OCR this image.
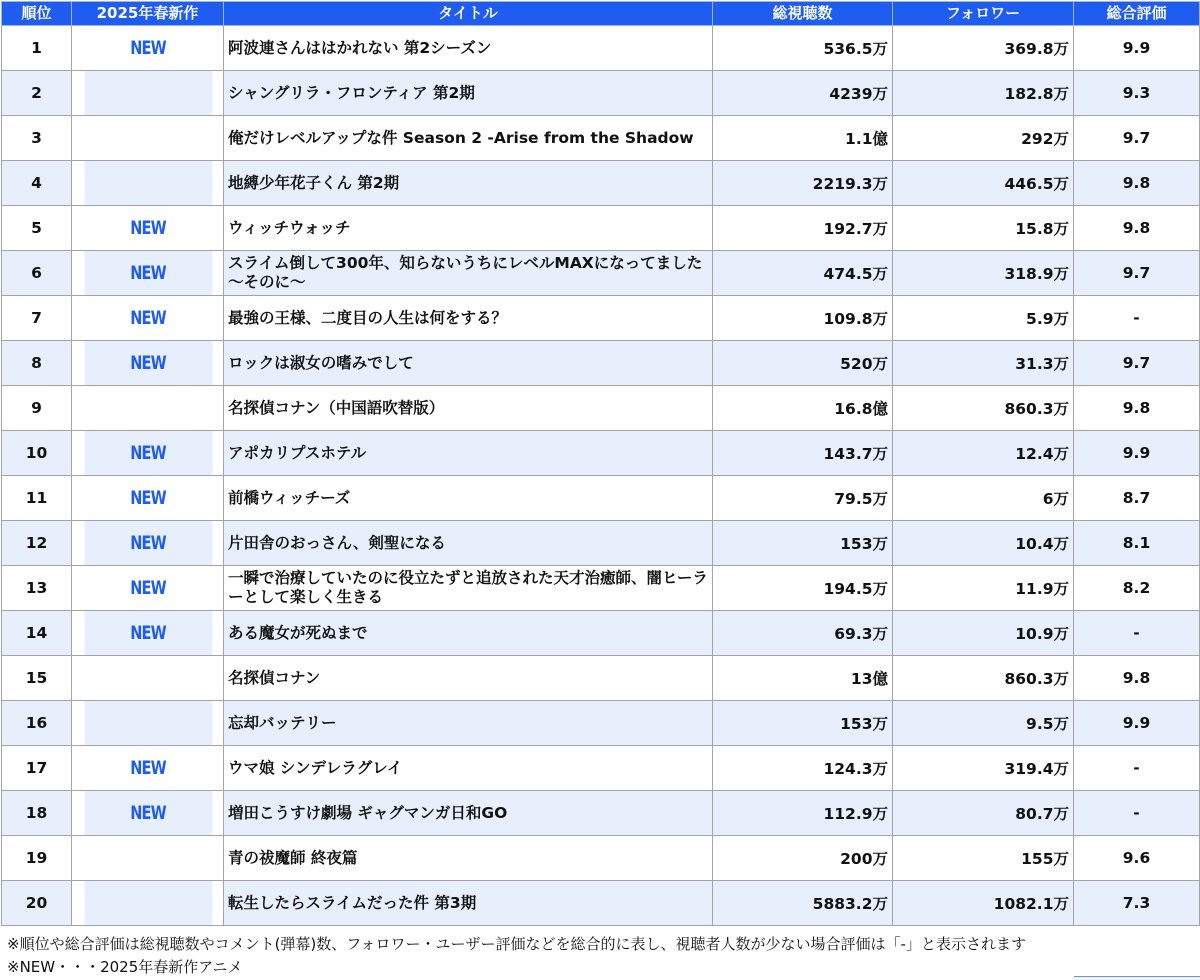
順位	2025年春新作	タイトル	総視聴数	フォロワー	総合評価
1	NEW	阿波連さんははかれない 第2シーズン	536.5万	369.8万	9.9
2		シャングリラ・フロンティア 第2期	4239万	182.8万	9.3
3		俺だけレベルアップな件 Season 2 -Arise from the Shadow	1.1億	292万	9.7
4		地縛少年花子くん 第2期	2219.3万	446.5万	9.8
5	NEW	ウィッチウォッチ	192.7万	15.8万	9.8
6	NEW	スライム倒して300年、知らないうちにレベルMAXになってました 〜そのに〜	474.5万	318.9万	9.7
7	NEW	最強の王様、二度目の人生は何をする？	109.8万	5.9万	-
8	NEW	ロックは淑女の嗜みでして	520万	31.3万	9.7
9		名探偵コナン（中国語吹替版）	16.8億	860.3万	9.8
10	NEW	アポカリプスホテル	143.7万	12.4万	9.9
11	NEW	前橋ウィッチーズ	79.5万	6万	8.7
12	NEW	片田舎のおっさん、剣聖になる	153万	10.4万	8.1
13	NEW	一瞬で治療していたのに役立たずと追放された天才治癒師、闇ヒーラーとして楽しく生きる	194.5万	11.9万	8.2
14	NEW	ある魔女が死ぬまで	69.3万	10.9万	-
15		名探偵コナン	13億	860.3万	9.8
16		忘却バッテリー	153万	9.5万	9.9
17	NEW	ウマ娘 シンデレラグレイ	124.3万	319.4万	-
18	NEW	増田こうすけ劇場 ギャグマンガ日和GO	112.9万	80.7万	-
19		青の祓魔師 終夜篇	200万	155万	9.6
20		転生したらスライムだった件 第3期	5883.2万	1082.1万	7.3
※順位や総合評価は総視聴数やコメント(弾幕)数、フォロワー・ユーザー評価などを総合的に表し、視聴者人数が少ない場合評価は「-」と表示されます
※NEW・・・2025年春新作アニメ
